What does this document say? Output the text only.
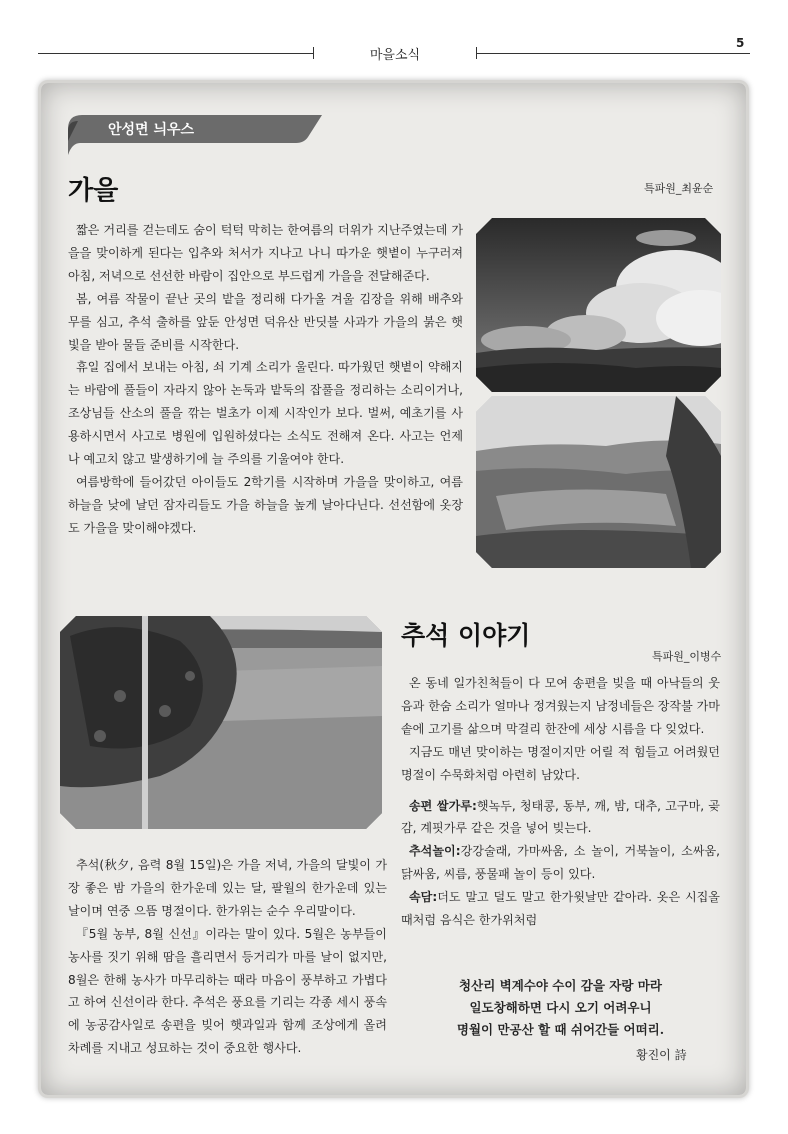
마을소식
5
안성면 늬우스
가을	특파원_최윤순

짧은 거리를 걷는데도 숨이 턱턱 막히는 한여름의 더위가 지난주였는데 가을을 맞이하게 된다는 입추와 처서가 지나고 나니 따가운 햇볕이 누구러져 아침, 저녁으로 선선한 바람이 집안으로 부드럽게 가을을 전달해준다.

봄, 여름 작물이 끝난 곳의 밭을 정리해 다가올 겨울 김장을 위해 배추와 무를 심고, 추석 출하를 앞둔 안성면 덕유산 반딧불 사과가 가을의 붉은 햇빛을 받아 물들 준비를 시작한다.

휴일 집에서 보내는 아침, 쇠 기계 소리가 울린다. 따가웠던 햇볕이 약해지는 바람에 풀들이 자라지 않아 논둑과 밭둑의 잡풀을 정리하는 소리이거나, 조상님들 산소의 풀을 깎는 벌초가 이제 시작인가 보다. 벌써, 예초기를 사용하시면서 사고로 병원에 입원하셨다는 소식도 전해져 온다. 사고는 언제나 예고치 않고 발생하기에 늘 주의를 기울여야 한다.

여름방학에 들어갔던 아이들도 2학기를 시작하며 가을을 맞이하고, 여름 하늘을 낮에 날던 잠자리들도 가을 하늘을 높게 날아다닌다. 선선함에 옷장도 가을을 맞이해야겠다.

추석 이야기
특파원_이병수

온 동네 일가친척들이 다 모여 송편을 빚을 때 아낙들의 웃음과 한숨 소리가 얼마나 정겨웠는지 남정네들은 장작불 가마솥에 고기를 삶으며 막걸리 한잔에 세상 시름을 다 잊었다.

지금도 매년 맞이하는 명절이지만 어릴 적 힘들고 어려웠던 명절이 수묵화처럼 아련히 남았다.

송편 쌀가루:햇녹두, 청태콩, 동부, 깨, 밤, 대추, 고구마, 곶감, 계핏가루 같은 것을 넣어 빚는다.

추석놀이:강강술래, 가마싸움, 소 놀이, 거북놀이, 소싸움, 닭싸움, 씨름, 풍물패 놀이 등이 있다.

속담:더도 말고 덜도 말고 한가윗날만 같아라. 옷은 시집올 때처럼 음식은 한가위처럼

청산리 벽계수야 수이 감을 자랑 마라
일도창해하면 다시 오기 어려우니
명월이 만공산 할 때 쉬어간들 어떠리.
황진이 詩

추석(秋夕, 음력 8월 15일)은 가을 저녁, 가을의 달빛이 가장 좋은 밤 가을의 한가운데 있는 달, 팔월의 한가운데 있는 날이며 연중 으뜸 명절이다. 한가위는 순수 우리말이다.

『5월 농부, 8월 신선』이라는 말이 있다. 5월은 농부들이 농사를 짓기 위해 땀을 흘리면서 등거리가 마를 날이 없지만, 8월은 한해 농사가 마무리하는 때라 마음이 풍부하고 가볍다고 하여 신선이라 한다. 추석은 풍요를 기리는 각종 세시 풍속에 농공감사일로 송편을 빚어 햇과일과 함께 조상에게 올려 차례를 지내고 성묘하는 것이 중요한 행사다.
